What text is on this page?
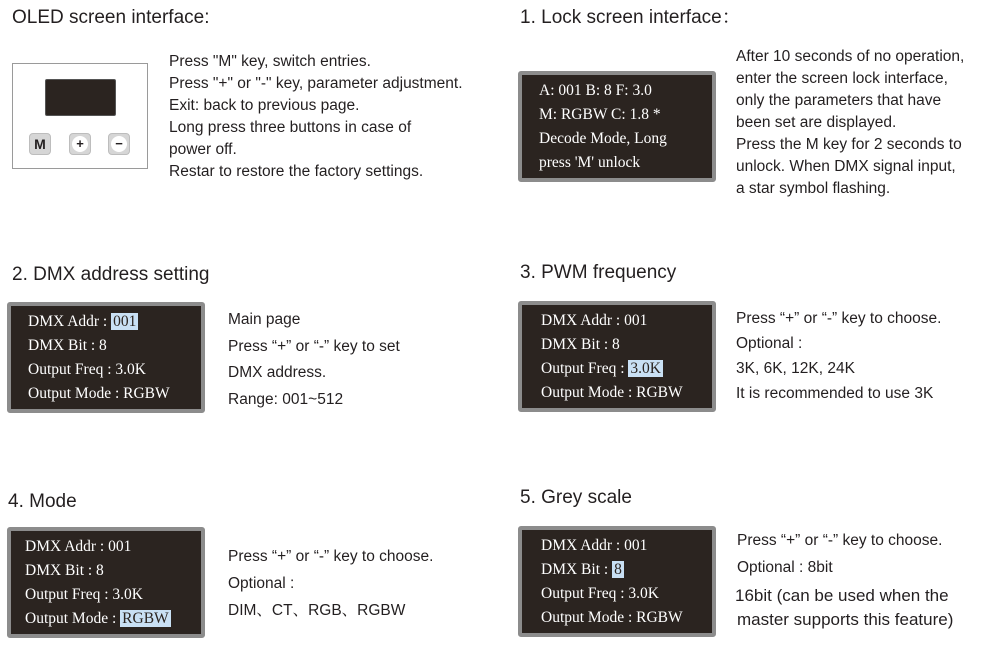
OLED screen interface:
M	+	−
Press "M" key, switch entries.
Press "+" or "-" key, parameter adjustment.
Exit: back to previous page.
Long press three buttons in case of
power off.
Restar to restore the factory settings.
1. Lock screen interface：
A: 001 B: 8 F: 3.0
M: RGBW C: 1.8 *
Decode Mode, Long
press 'M' unlock
After 10 seconds of no operation,
enter the screen lock interface,
only the parameters that have
been set are displayed.
Press the M key for 2 seconds to
unlock. When DMX signal input,
a star symbol flashing.
2. DMX address setting
DMX Addr : 001
DMX Bit : 8
Output Freq : 3.0K
Output Mode : RGBW
Main page
Press “+” or “-” key to set
DMX address.
Range: 001~512
3. PWM frequency
DMX Addr : 001
DMX Bit : 8
Output Freq : 3.0K
Output Mode : RGBW
Press “+” or “-” key to choose.
Optional :
3K, 6K, 12K, 24K
It is recommended to use 3K
4. Mode
DMX Addr : 001
DMX Bit : 8
Output Freq : 3.0K
Output Mode : RGBW
Press “+” or “-” key to choose.
Optional :
DIM、CT、RGB、RGBW
5. Grey scale
DMX Addr : 001
DMX Bit : 8
Output Freq : 3.0K
Output Mode : RGBW
Press “+” or “-” key to choose.
Optional : 8bit
16bit (can be used when the
master supports this feature)
